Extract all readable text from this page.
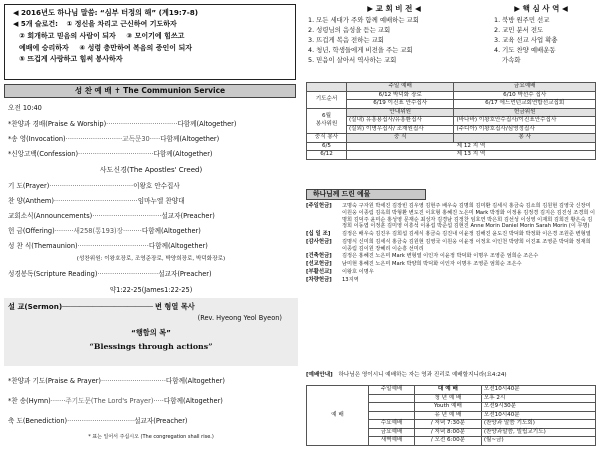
◀ 2016년도 하나님 말씀: “심부 터정의 해” (계19:7-8)
◀ 5개 슬로건: ① 정신을 차리고 근신하여 기도하자
② 회개하고 믿음의 사람이 되자 ③ 모이기에 힘쓰고
예배에 승리하자 ④ 성령 충만하여 복음의 증인이 되자
⑤ 뜨겁게 사랑하고 힘써 봉사하자
성 찬 예 배 ✝ The Communion Service
오전 10:40
*찬양과 경배(Praise & Worship)··································다함께(Altogether)
*송 영(Invocation)···························교독문30·····다함께(Altogether)
*신앙고백(Confession)····································다함께(Altogether)
사도신경(The Apostles' Creed)
기 도(Prayer)········································이왕호 안수집사
찬 양(Anthem)········································임마누엘 찬양대
교회소식(Announcements)·································설교자(Preacher)
헌 금(Offering)·········새258(통193)장·········다함께(Altogether)
성 찬 식(Themaunion)··································다함께(Altogether)
(성찬위원: 이왕호장로, 조영준장로, 박양희장로, 박덕화장로)
성경봉독(Scripture Reading)·····························설교자(Preacher)
약1:22-25(James1:22-25)
설 교(Sermon)───────────────────── 변 형열 목사
(Rev. Hyeong Yeol Byeon)
“행함의 복”
“Blessings through actions”
*찬양과 기도(Praise & Prayer)·······························다함께(Altogether)
*찬 송(Hymn)·······주기도문(The Lord's Prayer)·····다함께(Altogether)
축 도(Benediction)································설교자(Preacher)
* 표는 일어서 주십시오 (The congregation shall rise.)
▶ 교 회 비 전 ◀
1. 모든 세대가 주와 함께 예배하는 교회
2. 성령님의 음성을 듣는 교회
3. 뜨겁게 복음 전하는 교회
4. 청년, 학생들에게 비전을 주는 교회
5. 믿음이 살아서 역사하는 교회
▶ 핵 심 사 역 ◀
1. 북방 원주민 선교
2. 교민 분서 전도
3. 교육 선교 사업 확충
4. 기도 찬양 예배운동
가속화
	주일 예배	금요예배
기도순서	6/12 박덕화 장로	6/10 박선수 집사
	6/19 이진표 안수집사	6/17 에드먼턴교회연합선교집회
6월
봉사위원	안내위원	헌금위원
	(실내) 유흥용집사/유흥환집사	(바나바) 이왕호안수집사/이진표안수집사
	(실외) 이명우집사/ 조재원집사	(주디아) 이왕호집사/심영정집사
중식 봉사	중 식	봉 사
6/5	제 12 지 역	
6/12	제 13 지 역	
하나님께 드린 예물
[주일헌금]	고명숙 구자원 박세진 김장빈 김우영 김현주 배우숙 김명희 김미환 김세식 홍금숙 김소희 김원현 김영국 신장미 이원웅 이종림 김옥희 박형환 변도진 이호형 홍혜진 노은미 Mark 박정화 이정용 김정경 김지은 김진성 조경희 이명희 김덕주 윤미순 홍성영 문재순 최성자 김경남 김정찬 임호연 박은희 김선성 이성영 이재희 김희진 황은숙 김정희 이동엽 이정훈 김미영 이흥석 이용섭 박준섭 김현진 Anne Morin Daniel Morin Sarah Morin (이 무명)
[십 일 조]	김정은 배우숙 김진우 김희섭 김세식 홍금숙 김진내 이윤정 김해진 윤도진 박덕화 박정화 이은경 조원준 변형열
[감사헌금]	김명식 신미희 김세식 홍금숙 김원현 김영국 이원웅 이윤정 이정호 이인천 박양희 이진표 조영준 박덕화 정재희 이종림 김이원 장혜리 이순흥 선미리
[건축헌금]	김정은 홍혜진 노은미 Mark 변형열 이인자 이윤정 박덕화 이명우 조영준 엄희순 조은수
[선교헌금]	남미현 홍혜진 노은미 Mark 박양희 박덕화 이인자 이명우 조영준 엄희순 조은수
[부활선교]	이왕호 이명우
[차량헌금]	13지역
[예배안내] 하나님은 영이시니 예배하는 자는 영과 진리로 예배할지니라(요4:24)
예 배	주일예배	대 예 배	오전10시40분
		청 년 예 배	오후 2시
		Youth 예배	오전9시30분
		유 년 예 배	오전10시40분
	수요예배	/ 저녁 7:30분	(찬양과 말씀 기도회)
	금요예배	/ 저녁 8:00분	(찬양과말씀, 빌립교기도)
	새벽예배	/ 오전 6:00분	(월~금)
